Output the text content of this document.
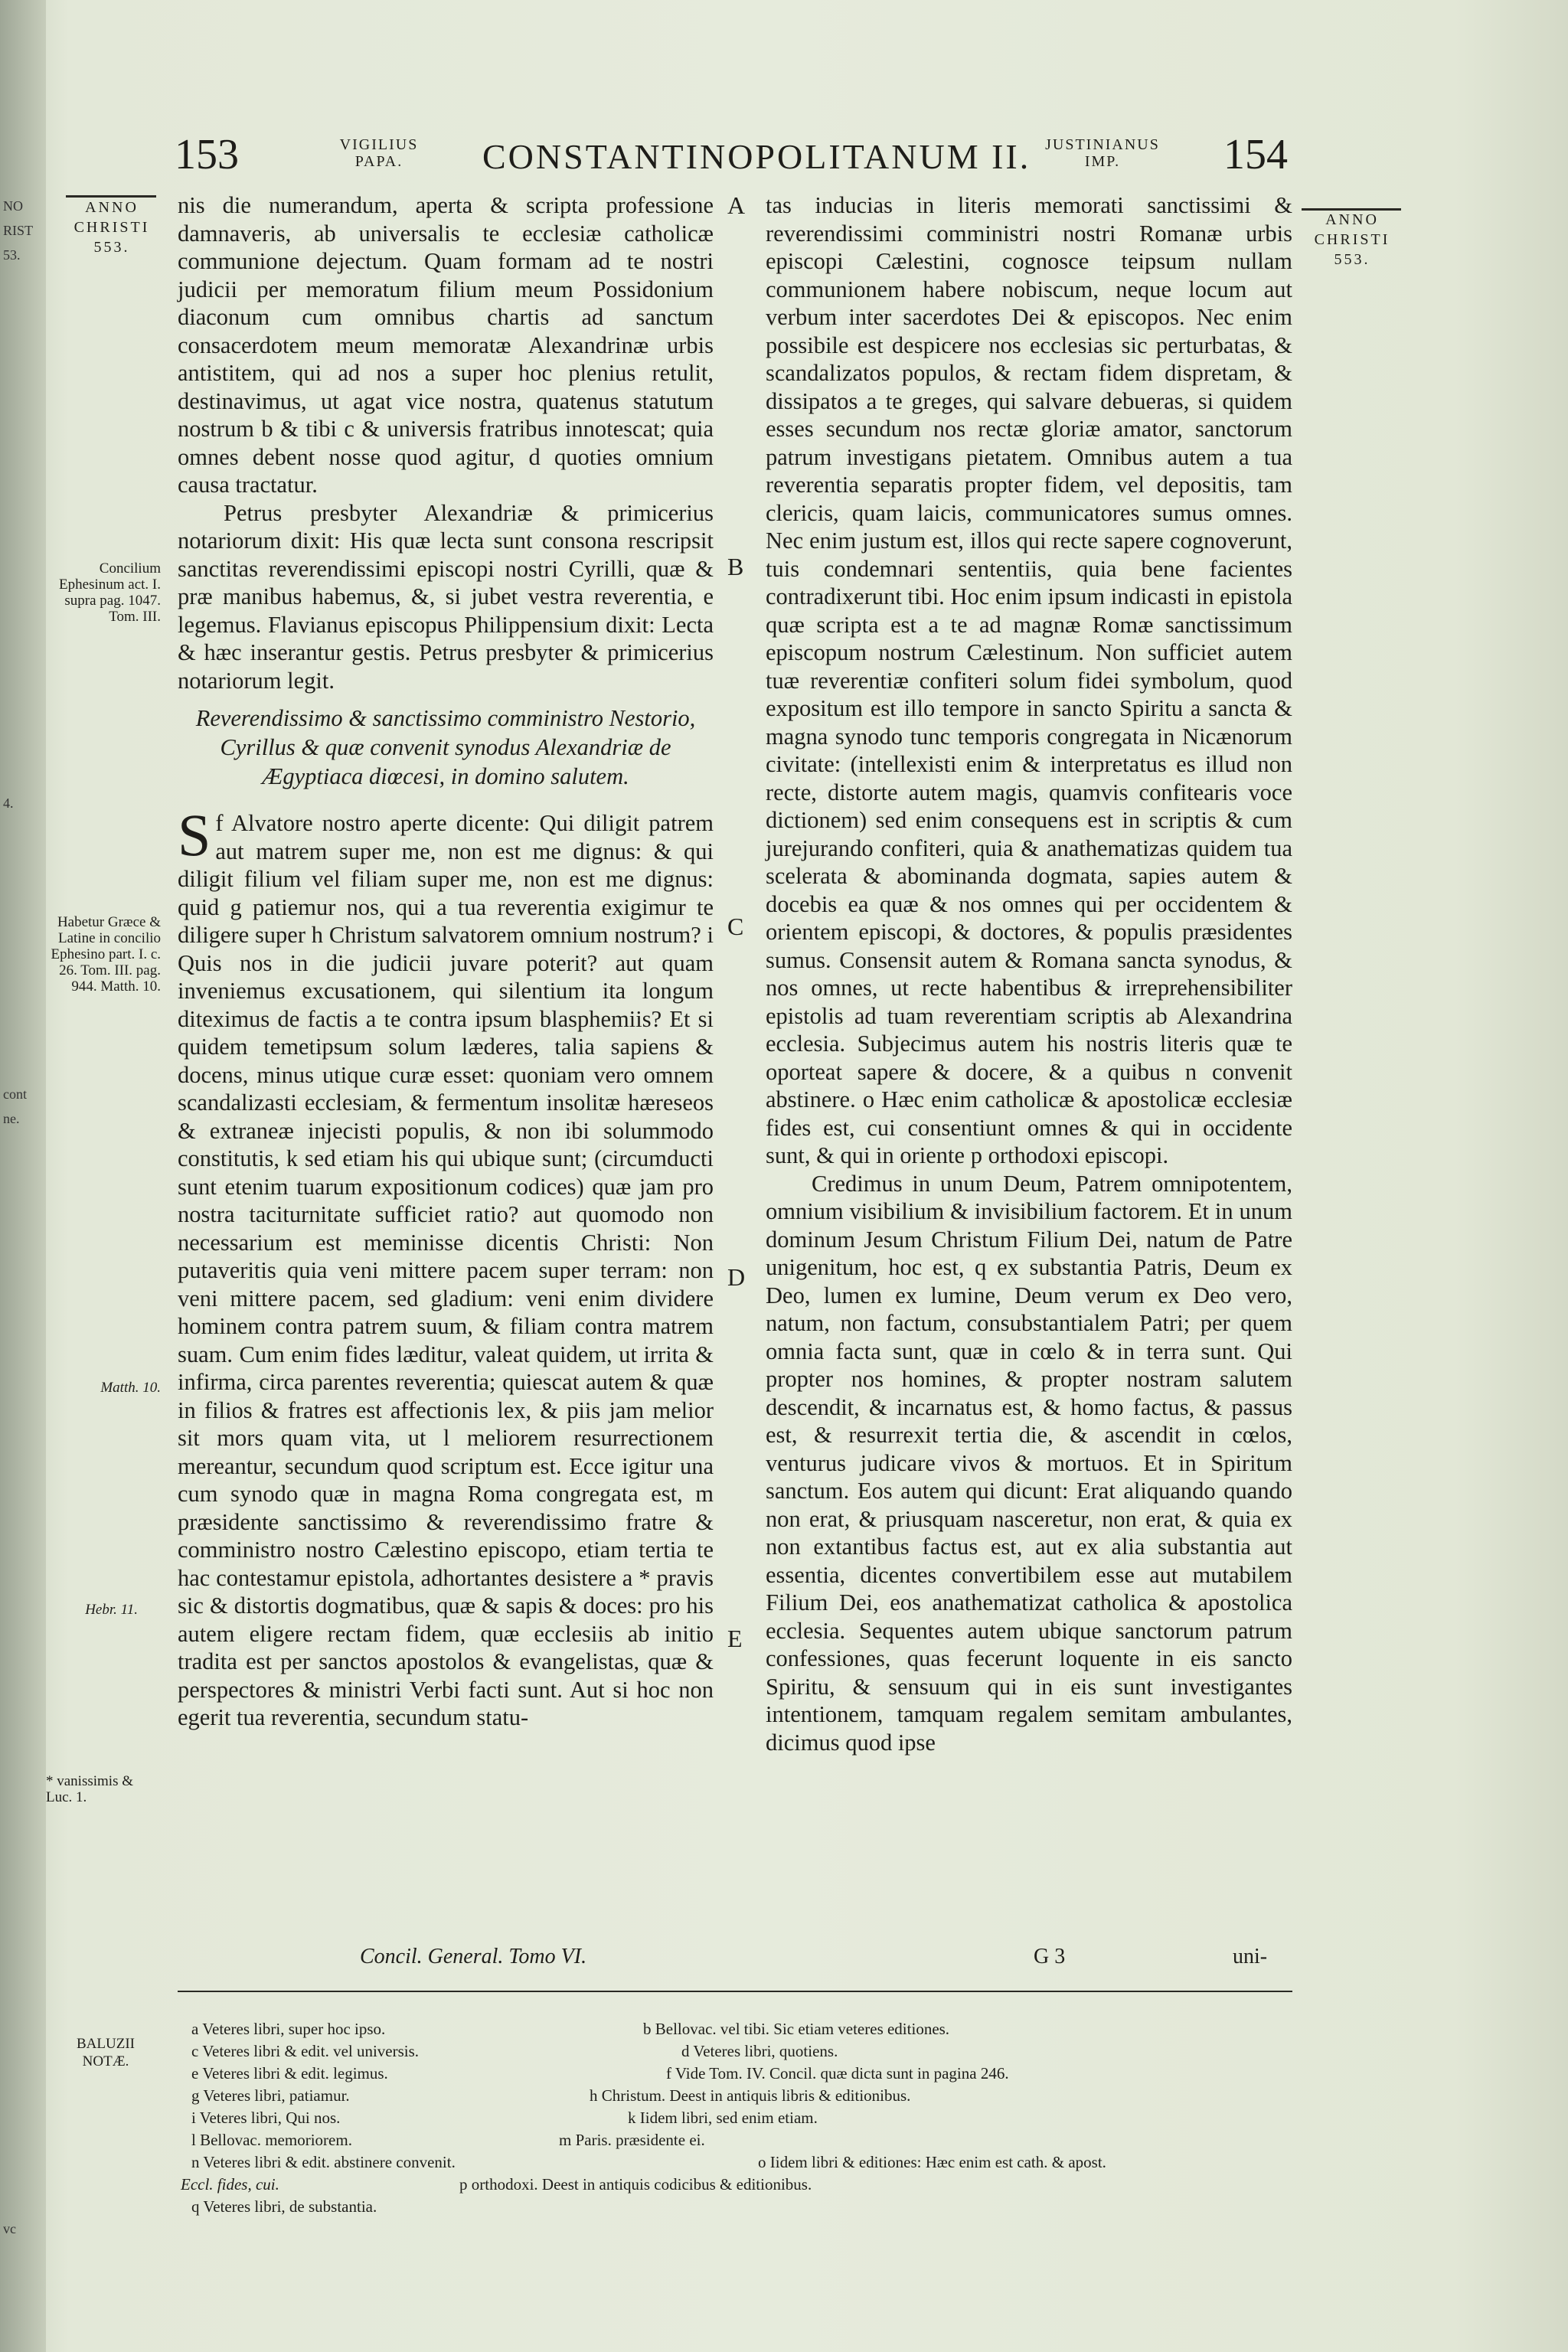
NO
RIST
53.
4.
cont
ne.
vc
153	VIGILIUS PAPA.	CONSTANTINOPOLITANUM II. JUSTINIANUS IMP.	154
ANNO CHRISTI 553.
ANNO CHRISTI 553.
Concilium Ephesinum act. I. supra pag. 1047. Tom. III.
Habetur Græce & Latine in concilio Ephesino part. I. c. 26. Tom. III. pag. 944. Matth. 10.
Matth. 10.
Hebr. 11.
* vanissimis & Luc. 1.
A
B
C
D
E

nis die numerandum, aperta & scripta professione damnaveris, ab universalis te ecclesiæ catholicæ communione dejectum. Quam formam ad te nostri judicii per memoratum filium meum Possidonium diaconum cum omnibus chartis ad sanctum consacerdotem meum memoratæ Alexandrinæ urbis antistitem, qui ad nos a super hoc plenius retulit, destinavimus, ut agat vice nostra, quatenus statutum nostrum b & tibi c & universis fratribus innotescat; quia omnes debent nosse quod agitur, d quoties omnium causa tractatur.

Petrus presbyter Alexandriæ & primicerius notariorum dixit: His quæ lecta sunt consona rescripsit sanctitas reverendissimi episcopi nostri Cyrilli, quæ & præ manibus habemus, &, si jubet vestra reverentia, e legemus. Flavianus episcopus Philippensium dixit: Lecta & hæc inserantur gestis. Petrus presbyter & primicerius notariorum legit.

Reverendissimo & sanctissimo comministro Nestorio, Cyrillus & quæ convenit synodus Alexandriæ de Ægyptiaca diœcesi, in domino salutem.

Sf Alvatore nostro aperte dicente: Qui diligit patrem aut matrem super me, non est me dignus: & qui diligit filium vel filiam super me, non est me dignus: quid g patiemur nos, qui a tua reverentia exigimur te diligere super h Christum salvatorem omnium nostrum? i Quis nos in die judicii juvare poterit? aut quam inveniemus excusationem, qui silentium ita longum diteximus de factis a te contra ipsum blasphemiis? Et si quidem temetipsum solum læderes, talia sapiens & docens, minus utique curæ esset: quoniam vero omnem scandalizasti ecclesiam, & fermentum insolitæ hæreseos & extraneæ injecisti populis, & non ibi solummodo constitutis, k sed etiam his qui ubique sunt; (circumducti sunt etenim tuarum expositionum codices) quæ jam pro nostra taciturnitate sufficiet ratio? aut quomodo non necessarium est meminisse dicentis Christi: Non putaveritis quia veni mittere pacem super terram: non veni mittere pacem, sed gladium: veni enim dividere hominem contra patrem suum, & filiam contra matrem suam. Cum enim fides læditur, valeat quidem, ut irrita & infirma, circa parentes reverentia; quiescat autem & quæ in filios & fratres est affectionis lex, & piis jam melior sit mors quam vita, ut l meliorem resurrectionem mereantur, secundum quod scriptum est. Ecce igitur una cum synodo quæ in magna Roma congregata est, m præsidente sanctissimo & reverendissimo fratre & comministro nostro Cælestino episcopo, etiam tertia te hac contestamur epistola, adhortantes desistere a * pravis sic & distortis dogmatibus, quæ & sapis & doces: pro his autem eligere rectam fidem, quæ ecclesiis ab initio tradita est per sanctos apostolos & evangelistas, quæ & perspectores & ministri Verbi facti sunt. Aut si hoc non egerit tua reverentia, secundum statu-

tas inducias in literis memorati sanctissimi & reverendissimi comministri nostri Romanæ urbis episcopi Cælestini, cognosce teipsum nullam communionem habere nobiscum, neque locum aut verbum inter sacerdotes Dei & episcopos. Nec enim possibile est despicere nos ecclesias sic perturbatas, & scandalizatos populos, & rectam fidem dispretam, & dissipatos a te greges, qui salvare debueras, si quidem esses secundum nos rectæ gloriæ amator, sanctorum patrum investigans pietatem. Omnibus autem a tua reverentia separatis propter fidem, vel depositis, tam clericis, quam laicis, communicatores sumus omnes. Nec enim justum est, illos qui recte sapere cognoverunt, tuis condemnari sententiis, quia bene facientes contradixerunt tibi. Hoc enim ipsum indicasti in epistola quæ scripta est a te ad magnæ Romæ sanctissimum episcopum nostrum Cælestinum. Non sufficiet autem tuæ reverentiæ confiteri solum fidei symbolum, quod expositum est illo tempore in sancto Spiritu a sancta & magna synodo tunc temporis congregata in Nicænorum civitate: (intellexisti enim & interpretatus es illud non recte, distorte autem magis, quamvis confitearis voce dictionem) sed enim consequens est in scriptis & cum jurejurando confiteri, quia & anathematizas quidem tua scelerata & abominanda dogmata, sapies autem & docebis ea quæ & nos omnes qui per occidentem & orientem episcopi, & doctores, & populis præsidentes sumus. Consensit autem & Romana sancta synodus, & nos omnes, ut recte habentibus & irreprehensibiliter epistolis ad tuam reverentiam scriptis ab Alexandrina ecclesia. Subjecimus autem his nostris literis quæ te oporteat sapere & docere, & a quibus n convenit abstinere. o Hæc enim catholicæ & apostolicæ ecclesiæ fides est, cui consentiunt omnes & qui in occidente sunt, & qui in oriente p orthodoxi episcopi.

Credimus in unum Deum, Patrem omnipotentem, omnium visibilium & invisibilium factorem. Et in unum dominum Jesum Christum Filium Dei, natum de Patre unigenitum, hoc est, q ex substantia Patris, Deum ex Deo, lumen ex lumine, Deum verum ex Deo vero, natum, non factum, consubstantialem Patri; per quem omnia facta sunt, quæ in cœlo & in terra sunt. Qui propter nos homines, & propter nostram salutem descendit, & incarnatus est, & homo factus, & passus est, & resurrexit tertia die, & ascendit in cœlos, venturus judicare vivos & mortuos. Et in Spiritum sanctum. Eos autem qui dicunt: Erat aliquando quando non erat, & priusquam nasceretur, non erat, & quia ex non extantibus factus est, aut ex alia substantia aut essentia, dicentes convertibilem esse aut mutabilem Filium Dei, eos anathematizat catholica & apostolica ecclesia. Sequentes autem ubique sanctorum patrum confessiones, quas fecerunt loquente in eis sancto Spiritu, & sensuum qui in eis sunt investigantes intentionem, tamquam regalem semitam ambulantes, dicimus quod ipse

Concil. General. Tomo VI.	G 3	uni-
BALUZII NOTÆ.
a Veteres libri, super hoc ipso.
c Veteres libri & edit. vel universis.
e Veteres libri & edit. legimus.
g Veteres libri, patiamur.
i Veteres libri, Qui nos.
l Bellovac. memoriorem.
n Veteres libri & edit. abstinere convenit.
Eccl. fides, cui.
q Veteres libri, de substantia.
b Bellovac. vel tibi. Sic etiam veteres editiones.
d Veteres libri, quotiens.
f Vide Tom. IV. Concil. quæ dicta sunt in pagina 246.
h Christum. Deest in antiquis libris & editionibus.
k Iidem libri, sed enim etiam.
m Paris. præsidente ei.
o Iidem libri & editiones: Hæc enim est cath. & apost.
p orthodoxi. Deest in antiquis codicibus & editionibus.
